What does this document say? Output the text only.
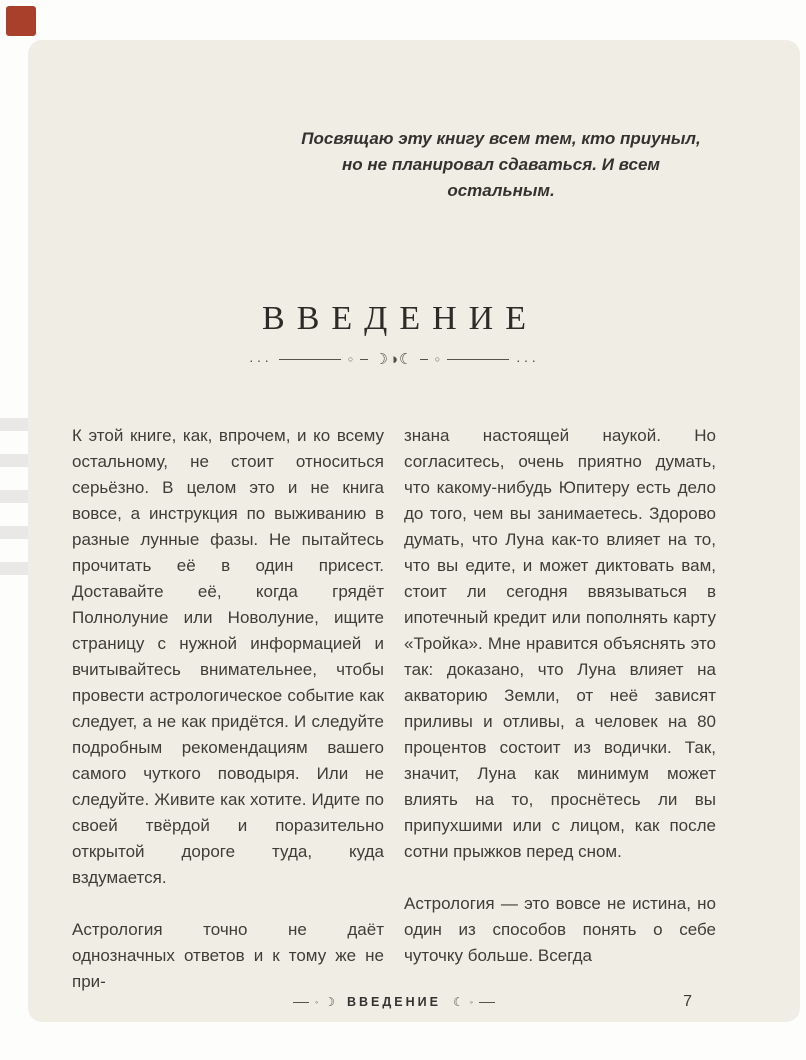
Посвящаю эту книгу всем тем, кто приуныл,
но не планировал сдаваться. И всем остальным.
ВВЕДЕНИЕ
···	○ ☽◑☾ ○	···

К этой книге, как, впрочем, и ко всему остальному, не стоит относиться серьёзно. В целом это и не книга вовсе, а инструкция по выживанию в разные лунные фазы. Не пытайтесь прочитать её в один присест. Доставайте её, когда грядёт Полнолуние или Новолуние, ищите страницу с нужной информацией и вчитывайтесь внимательнее, чтобы провести астрологическое событие как следует, а не как придётся. И следуйте подробным рекомендациям вашего самого чуткого поводыря. Или не следуйте. Живите как хотите. Идите по своей твёрдой и поразительно открытой дороге туда, куда вздумается.

Астрология точно не даёт однозначных ответов и к тому же не при-

знана настоящей наукой. Но согласитесь, очень приятно думать, что какому-нибудь Юпитеру есть дело до того, чем вы занимаетесь. Здорово думать, что Луна как-то влияет на то, что вы едите, и может диктовать вам, стоит ли сегодня ввязываться в ипотечный кредит или пополнять карту «Тройка». Мне нравится объяснять это так: доказано, что Луна влияет на акваторию Земли, от неё зависят приливы и отливы, а человек на 80 процентов состоит из водички. Так, значит, Луна как минимум может влиять на то, проснётесь ли вы припухшими или с лицом, как после сотни прыжков перед сном.

Астрология — это вовсе не истина, но один из способов понять о себе чуточку больше. Всегда

◦ ☽ ВВЕДЕНИЕ ☾ ◦	7
